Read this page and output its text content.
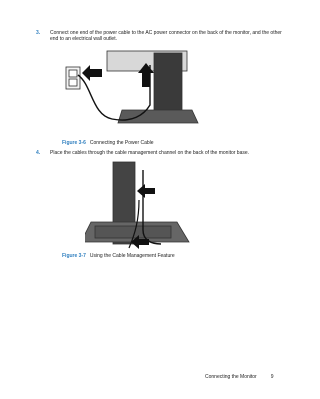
3. Connect one end of the power cable to the AC power connector on the back of the monitor, and the other end to an electrical wall outlet.
Figure 3-6 Connecting the Power Cable
4. Place the cables through the cable management channel on the back of the monitor base.
Figure 3-7 Using the Cable Management Feature
Connecting the Monitor	9
